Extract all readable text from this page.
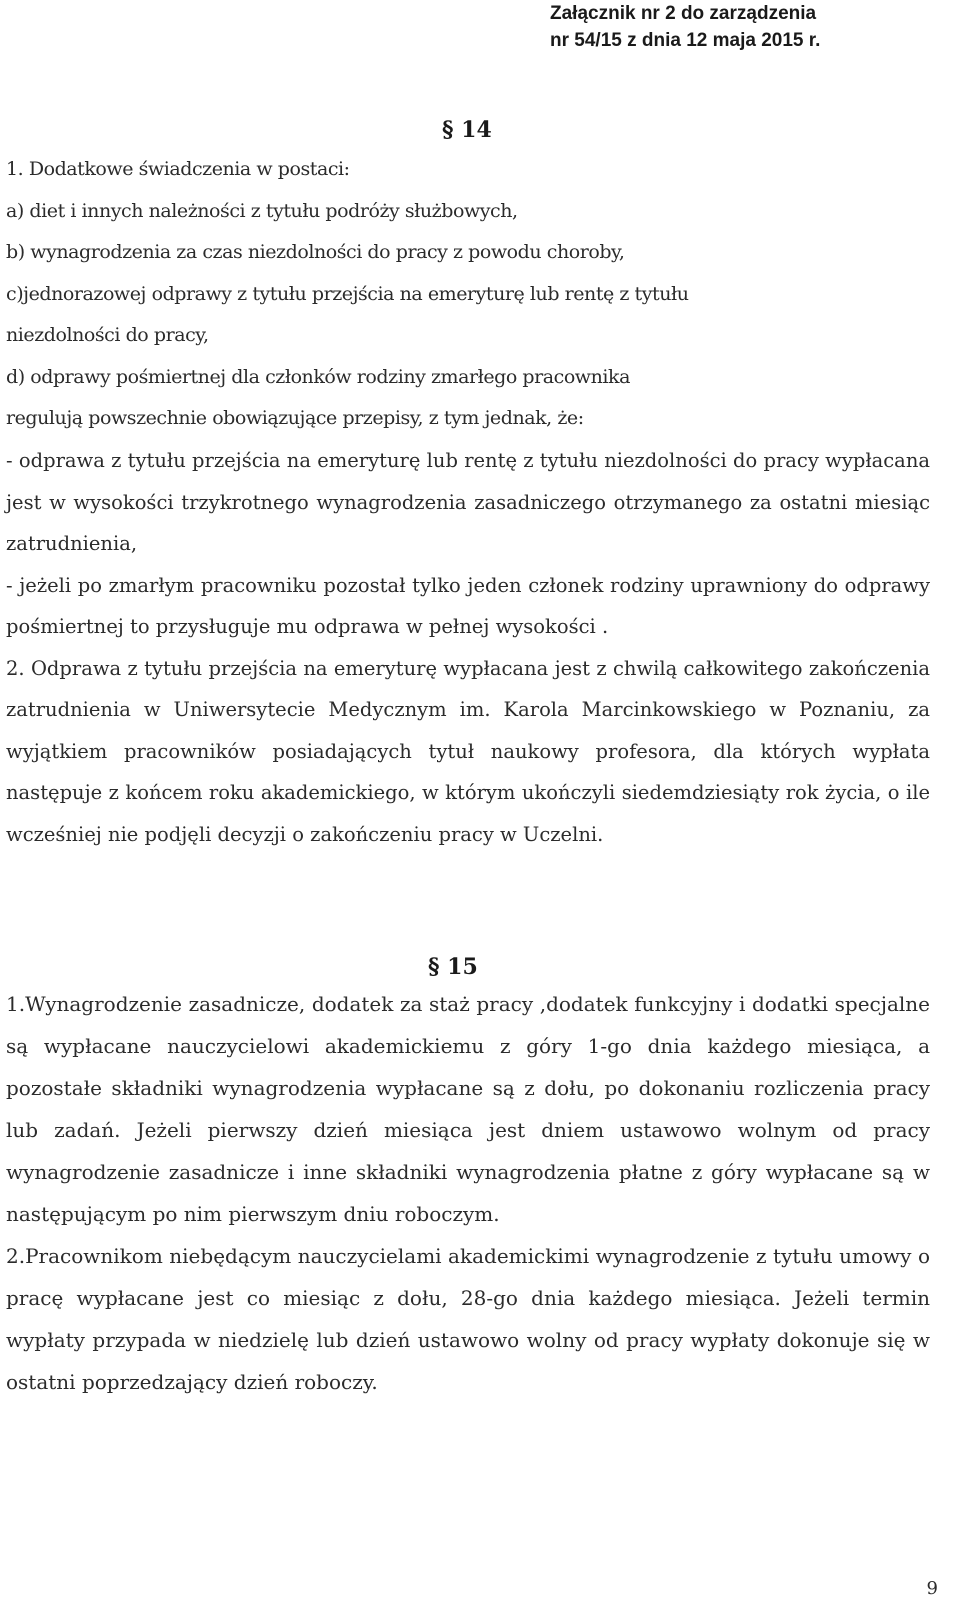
Załącznik nr 2 do zarządzenia
nr 54/15 z dnia 12 maja 2015 r.
§ 14
1. Dodatkowe świadczenia w postaci:
a) diet i innych należności z tytułu podróży służbowych,
b) wynagrodzenia za czas niezdolności do pracy z powodu choroby,
c)jednorazowej odprawy z tytułu przejścia na emeryturę lub rentę z tytułu
niezdolności do pracy,
d) odprawy pośmiertnej dla członków rodziny zmarłego pracownika
regulują powszechnie obowiązujące przepisy, z tym jednak, że:

- odprawa z tytułu przejścia na emeryturę lub rentę z tytułu niezdolności do pracy wypłacana jest w wysokości trzykrotnego wynagrodzenia zasadniczego otrzymanego za ostatni miesiąc zatrudnienia,

- jeżeli po zmarłym pracowniku pozostał tylko jeden członek rodziny uprawniony do odprawy pośmiertnej to przysługuje mu odprawa w pełnej wysokości .

2. Odprawa z tytułu przejścia na emeryturę wypłacana jest z chwilą całkowitego zakończenia zatrudnienia w Uniwersytecie Medycznym im. Karola Marcinkowskiego w Poznaniu, za wyjątkiem pracowników posiadających tytuł naukowy profesora, dla których wypłata następuje z końcem roku akademickiego, w którym ukończyli siedemdziesiąty rok życia, o ile wcześniej nie podjęli decyzji o zakończeniu pracy w Uczelni.

§ 15

1.Wynagrodzenie zasadnicze, dodatek za staż pracy ,dodatek funkcyjny i dodatki specjalne są wypłacane nauczycielowi akademickiemu z góry 1-go dnia każdego miesiąca, a pozostałe składniki wynagrodzenia wypłacane są z dołu, po dokonaniu rozliczenia pracy lub zadań. Jeżeli pierwszy dzień miesiąca jest dniem ustawowo wolnym od pracy wynagrodzenie zasadnicze i inne składniki wynagrodzenia płatne z góry wypłacane są w następującym po nim pierwszym dniu roboczym.

2.Pracownikom niebędącym nauczycielami akademickimi wynagrodzenie z tytułu umowy o pracę wypłacane jest co miesiąc z dołu, 28-go dnia każdego miesiąca. Jeżeli termin wypłaty przypada w niedzielę lub dzień ustawowo wolny od pracy wypłaty dokonuje się w ostatni poprzedzający dzień roboczy.

9
